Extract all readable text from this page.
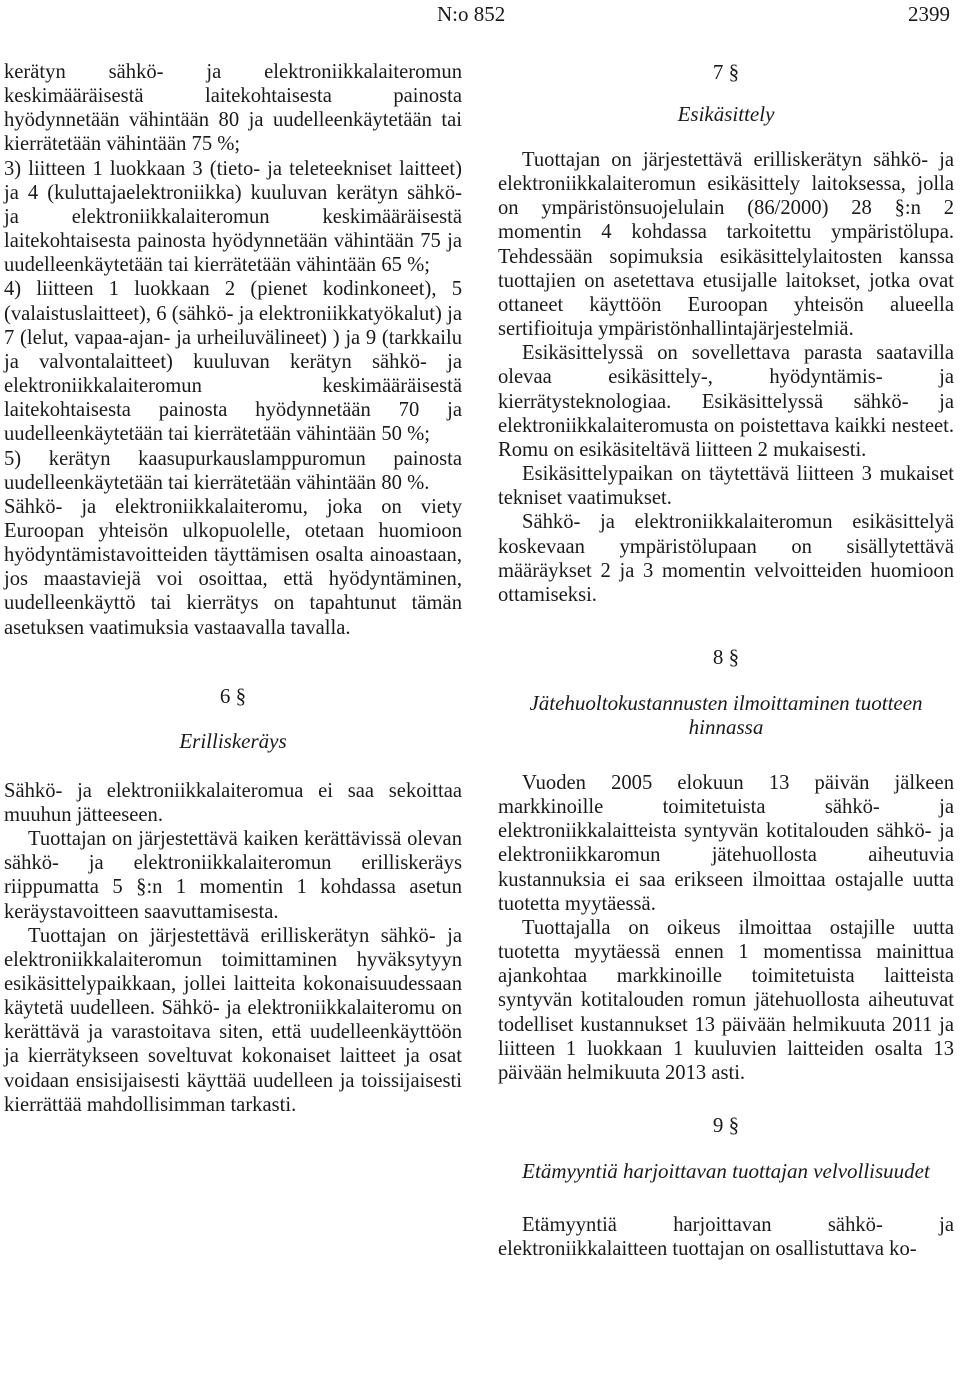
N:o 852	2399

kerätyn sähkö- ja elektroniikkalaiteromun keskimääräisestä laitekohtaisesta painosta hyödynnetään vähintään 80 ja uudelleenkäytetään tai kierrätetään vähintään 75 %;

3) liitteen 1 luokkaan 3 (tieto- ja teleteekniset laitteet) ja 4 (kuluttajaelektroniikka) kuuluvan kerätyn sähkö- ja elektroniikkalaiteromun keskimääräisestä laitekohtaisesta painosta hyödynnetään vähintään 75 ja uudelleenkäytetään tai kierrätetään vähintään 65 %;

4) liitteen 1 luokkaan 2 (pienet kodinkoneet), 5 (valaistuslaitteet), 6 (sähkö- ja elektroniikkatyökalut) ja 7 (lelut, vapaa-ajan- ja urheiluvälineet) ) ja 9 (tarkkailu ja valvontalaitteet) kuuluvan kerätyn sähkö- ja elektroniikkalaiteromun keskimääräisestä laitekohtaisesta painosta hyödynnetään 70 ja uudelleenkäytetään tai kierrätetään vähintään 50 %;

5) kerätyn kaasupurkauslamppuromun painosta uudelleenkäytetään tai kierrätetään vähintään 80 %.

Sähkö- ja elektroniikkalaiteromu, joka on viety Euroopan yhteisön ulkopuolelle, otetaan huomioon hyödyntämistavoitteiden täyttämisen osalta ainoastaan, jos maastaviejä voi osoittaa, että hyödyntäminen, uudelleenkäyttö tai kierrätys on tapahtunut tämän asetuksen vaatimuksia vastaavalla tavalla.

6 §
Erilliskeräys

Sähkö- ja elektroniikkalaiteromua ei saa sekoittaa muuhun jätteeseen.

Tuottajan on järjestettävä kaiken kerättävissä olevan sähkö- ja elektroniikkalaiteromun erilliskeräys riippumatta 5 §:n 1 momentin 1 kohdassa asetun keräystavoitteen saavuttamisesta.

Tuottajan on järjestettävä erilliskerätyn sähkö- ja elektroniikkalaiteromun toimittaminen hyväksytyyn esikäsittelypaikkaan, jollei laitteita kokonaisuudessaan käytetä uudelleen. Sähkö- ja elektroniikkalaiteromu on kerättävä ja varastoitava siten, että uudelleenkäyttöön ja kierrätykseen soveltuvat kokonaiset laitteet ja osat voidaan ensisijaisesti käyttää uudelleen ja toissijaisesti kierrättää mahdollisimman tarkasti.

7 §
Esikäsittely

Tuottajan on järjestettävä erilliskerätyn sähkö- ja elektroniikkalaiteromun esikäsittely laitoksessa, jolla on ympäristönsuojelulain (86/2000) 28 §:n 2 momentin 4 kohdassa tarkoitettu ympäristölupa. Tehdessään sopimuksia esikäsittelylaitosten kanssa tuottajien on asetettava etusijalle laitokset, jotka ovat ottaneet käyttöön Euroopan yhteisön alueella sertifioituja ympäristönhallintajärjestelmiä.

Esikäsittelyssä on sovellettava parasta saatavilla olevaa esikäsittely-, hyödyntämis- ja kierrätysteknologiaa. Esikäsittelyssä sähkö- ja elektroniikkalaiteromusta on poistettava kaikki nesteet. Romu on esikäsiteltävä liitteen 2 mukaisesti.

Esikäsittelypaikan on täytettävä liitteen 3 mukaiset tekniset vaatimukset.

Sähkö- ja elektroniikkalaiteromun esikäsittelyä koskevaan ympäristölupaan on sisällytettävä määräykset 2 ja 3 momentin velvoitteiden huomioon ottamiseksi.

8 §
Jätehuoltokustannusten ilmoittaminen tuotteen hinnassa

Vuoden 2005 elokuun 13 päivän jälkeen markkinoille toimitetuista sähkö- ja elektroniikkalaitteista syntyvän kotitalouden sähkö- ja elektroniikkaromun jätehuollosta aiheutuvia kustannuksia ei saa erikseen ilmoittaa ostajalle uutta tuotetta myytäessä.

Tuottajalla on oikeus ilmoittaa ostajille uutta tuotetta myytäessä ennen 1 momentissa mainittua ajankohtaa markkinoille toimitetuista laitteista syntyvän kotitalouden romun jätehuollosta aiheutuvat todelliset kustannukset 13 päivään helmikuuta 2011 ja liitteen 1 luokkaan 1 kuuluvien laitteiden osalta 13 päivään helmikuuta 2013 asti.

9 §
Etämyyntiä harjoittavan tuottajan velvollisuudet

Etämyyntiä harjoittavan sähkö- ja elektroniikkalaitteen tuottajan on osallistuttava ko-
